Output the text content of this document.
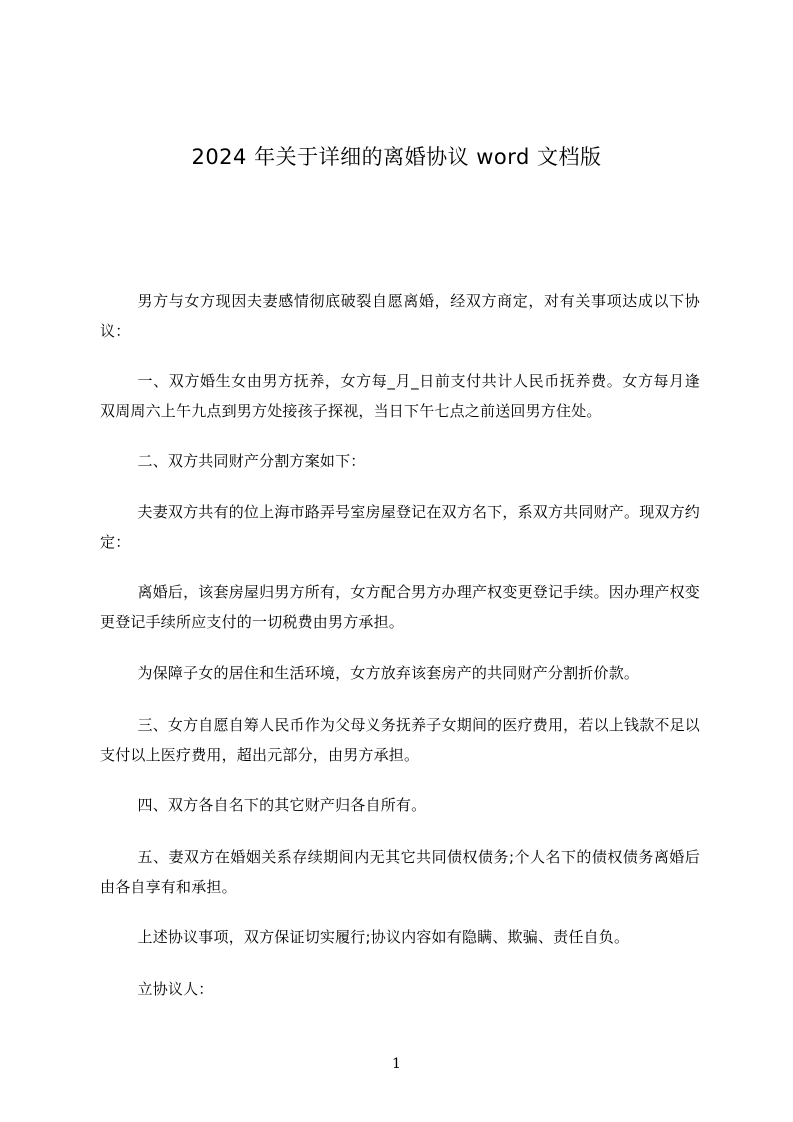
2024 年关于详细的离婚协议 word 文档版
男方与女方现因夫妻感情彻底破裂自愿离婚，经双方商定，对有关事项达成以下协议：
一、双方婚生女由男方抚养，女方每_月_日前支付共计人民币抚养费。女方每月逢双周周六上午九点到男方处接孩子探视，当日下午七点之前送回男方住处。
二、双方共同财产分割方案如下：
夫妻双方共有的位上海市路弄号室房屋登记在双方名下，系双方共同财产。现双方约定：
离婚后，该套房屋归男方所有，女方配合男方办理产权变更登记手续。因办理产权变更登记手续所应支付的一切税费由男方承担。
为保障子女的居住和生活环境，女方放弃该套房产的共同财产分割折价款。
三、女方自愿自筹人民币作为父母义务抚养子女期间的医疗费用，若以上钱款不足以支付以上医疗费用，超出元部分，由男方承担。
四、双方各自名下的其它财产归各自所有。
五、妻双方在婚姻关系存续期间内无其它共同债权债务;个人名下的债权债务离婚后由各自享有和承担。
上述协议事项，双方保证切实履行;协议内容如有隐瞒、欺骗、责任自负。
立协议人：
1
